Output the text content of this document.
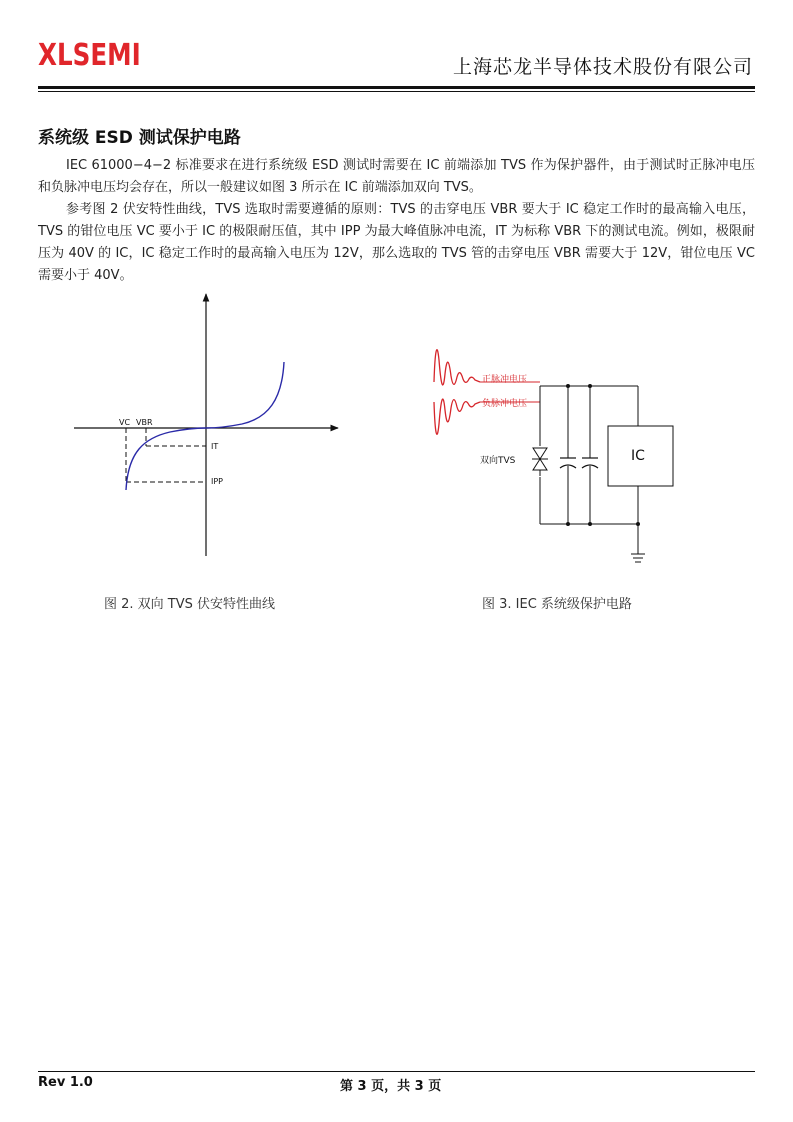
XLSEMI	上海芯龙半导体技术股份有限公司
系统级 ESD 测试保护电路

IEC 61000−4−2 标准要求在进行系统级 ESD 测试时需要在 IC 前端添加 TVS 作为保护器件，由于测试时正脉冲电压和负脉冲电压均会存在，所以一般建议如图 3 所示在 IC 前端添加双向 TVS。

参考图 2 伏安特性曲线，TVS 选取时需要遵循的原则：TVS 的击穿电压 VBR 要大于 IC 稳定工作时的最高输入电压，TVS 的钳位电压 VC 要小于 IC 的极限耐压值，其中 IPP 为最大峰值脉冲电流，IT 为标称 VBR 下的测试电流。例如，极限耐压为 40V 的 IC，IC 稳定工作时的最高输入电压为 12V，那么选取的 TVS 管的击穿电压 VBR 需要大于 12V，钳位电压 VC 需要小于 40V。

VC VBR
IT
IPP
正脉冲电压
负脉冲电压
双向TVS	IC
图 2. 双向 TVS 伏安特性曲线	图 3. IEC 系统级保护电路
Rev 1.0	第 3 页，共 3 页
